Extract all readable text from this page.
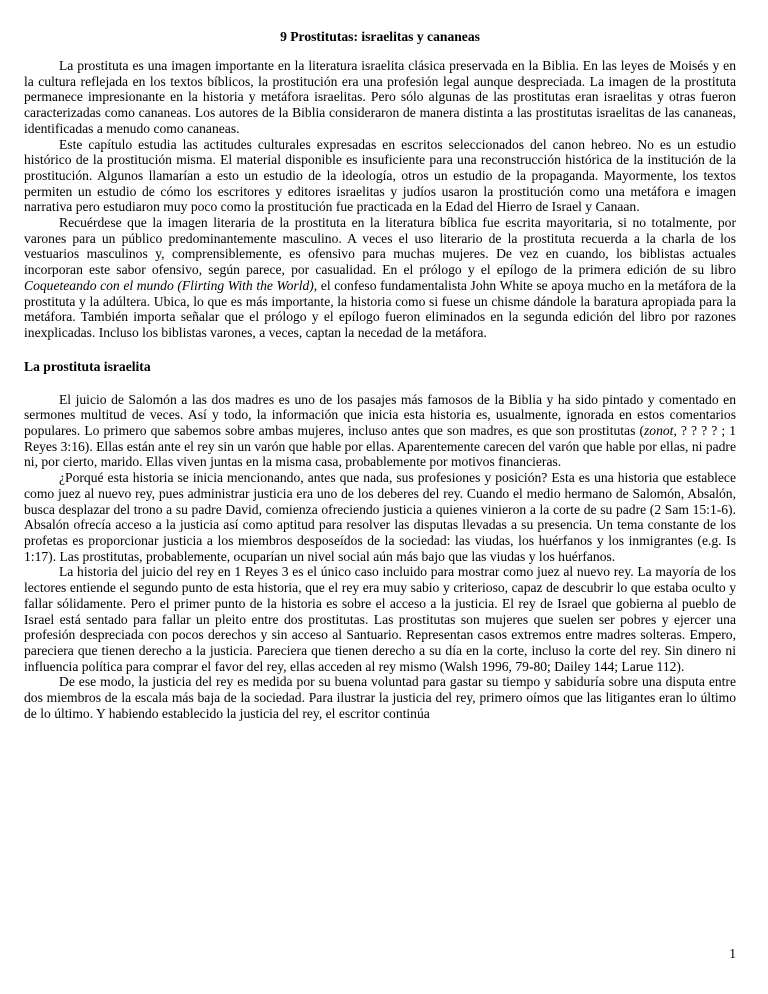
9 Prostitutas: israelitas y cananeas

La prostituta es una imagen importante en la literatura israelita clásica preservada en la Biblia. En las leyes de Moisés y en la cultura reflejada en los textos bíblicos, la prostitución era una profesión legal aunque despreciada. La imagen de la prostituta permanece impresionante en la historia y metáfora israelitas. Pero sólo algunas de las prostitutas eran israelitas y otras fueron caracterizadas como cananeas. Los autores de la Biblia consideraron de manera distinta a las prostitutas israelitas de las cananeas, identificadas a menudo como cananeas.

Este capítulo estudia las actitudes culturales expresadas en escritos seleccionados del canon hebreo. No es un estudio histórico de la prostitución misma. El material disponible es insuficiente para una reconstrucción histórica de la institución de la prostitución. Algunos llamarían a esto un estudio de la ideología, otros un estudio de la propaganda. Mayormente, los textos permiten un estudio de cómo los escritores y editores israelitas y judíos usaron la prostitución como una metáfora e imagen narrativa pero estudiaron muy poco como la prostitución fue practicada en la Edad del Hierro de Israel y Canaan.

Recuérdese que la imagen literaria de la prostituta en la literatura bíblica fue escrita mayoritaria, si no totalmente, por varones para un público predominantemente masculino. A veces el uso literario de la prostituta recuerda a la charla de los vestuarios masculinos y, comprensiblemente, es ofensivo para muchas mujeres. De vez en cuando, los biblistas actuales incorporan este sabor ofensivo, según parece, por casualidad. En el prólogo y el epílogo de la primera edición de su libro Coqueteando con el mundo (Flirting With the World), el confeso fundamentalista John White se apoya mucho en la metáfora de la prostituta y la adúltera. Ubica, lo que es más importante, la historia como si fuese un chisme dándole la baratura apropiada para la metáfora. También importa señalar que el prólogo y el epílogo fueron eliminados en la segunda edición del libro por razones inexplicadas. Incluso los biblistas varones, a veces, captan la necedad de la metáfora.

La prostituta israelita

El juicio de Salomón a las dos madres es uno de los pasajes más famosos de la Biblia y ha sido pintado y comentado en sermones multitud de veces. Así y todo, la información que inicia esta historia es, usualmente, ignorada en estos comentarios populares. Lo primero que sabemos sobre ambas mujeres, incluso antes que son madres, es que son prostitutas (zonot, ? ? ? ? ; 1 Reyes 3:16). Ellas están ante el rey sin un varón que hable por ellas. Aparentemente carecen del varón que hable por ellas, ni padre ni, por cierto, marido. Ellas viven juntas en la misma casa, probablemente por motivos financieras.

¿Porqué esta historia se inicia mencionando, antes que nada, sus profesiones y posición? Esta es una historia que establece como juez al nuevo rey, pues administrar justicia era uno de los deberes del rey. Cuando el medio hermano de Salomón, Absalón, busca desplazar del trono a su padre David, comienza ofreciendo justicia a quienes vinieron a la corte de su padre (2 Sam 15:1-6). Absalón ofrecía acceso a la justicia así como aptitud para resolver las disputas llevadas a su presencia. Un tema constante de los profetas es proporcionar justicia a los miembros desposeídos de la sociedad: las viudas, los huérfanos y los inmigrantes (e.g. Is 1:17). Las prostitutas, probablemente, ocuparían un nivel social aún más bajo que las viudas y los huérfanos.

La historia del juicio del rey en 1 Reyes 3 es el único caso incluido para mostrar como juez al nuevo rey. La mayoría de los lectores entiende el segundo punto de esta historia, que el rey era muy sabio y criterioso, capaz de descubrir lo que estaba oculto y fallar sólidamente. Pero el primer punto de la historia es sobre el acceso a la justicia. El rey de Israel que gobierna al pueblo de Israel está sentado para fallar un pleito entre dos prostitutas. Las prostitutas son mujeres que suelen ser pobres y ejercer una profesión despreciada con pocos derechos y sin acceso al Santuario. Representan casos extremos entre madres solteras. Empero, pareciera que tienen derecho a la justicia. Pareciera que tienen derecho a su día en la corte, incluso la corte del rey. Sin dinero ni influencia política para comprar el favor del rey, ellas acceden al rey mismo (Walsh 1996, 79-80; Dailey 144; Larue 112).

De ese modo, la justicia del rey es medida por su buena voluntad para gastar su tiempo y sabiduría sobre una disputa entre dos miembros de la escala más baja de la sociedad. Para ilustrar la justicia del rey, primero oímos que las litigantes eran lo último de lo último. Y habiendo establecido la justicia del rey, el escritor continúa

1
